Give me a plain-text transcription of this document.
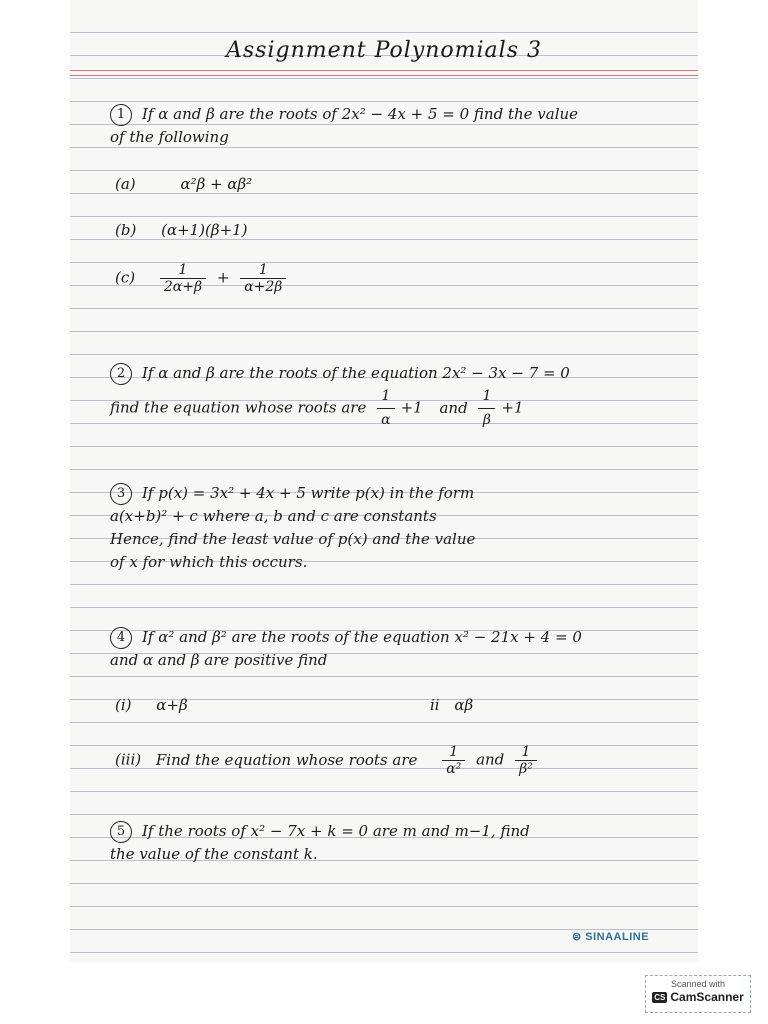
Assignment Polynomials 3
1 If α and β are the roots of 2x² − 4x + 5 = 0 find the value
of the following
(a)	α²β + αβ²
(b) (α+1)(β+1)
$(c) \frac{1}{2\alpha+\beta} + \frac{1}{\alpha+2\beta}$
2 If α and β are the roots of the equation 2x² − 3x − 7 = 0
find the equation whose roots are $\frac{1}{\alpha} +1$ and $\frac{1}{\beta} +1$
3 If p(x) = 3x² + 4x + 5 write p(x) in the form
a(x+b)² + c where a, b and c are constants
Hence, find the least value of p(x) and the value
of x for which this occurs.
4 If α² and β² are the roots of the equation x² − 21x + 4 = 0
and α and β are positive find
(i) α+β	ii αβ
(iii) Find the equation whose roots are $\frac{1}{\text{α²}}$ and $\frac{1}{\text{β²}}$
5 If the roots of x² − 7x + k = 0 are m and m−1, find
the value of the constant k.
⊜ SINAALINE
Scanned with
CS CamScanner
